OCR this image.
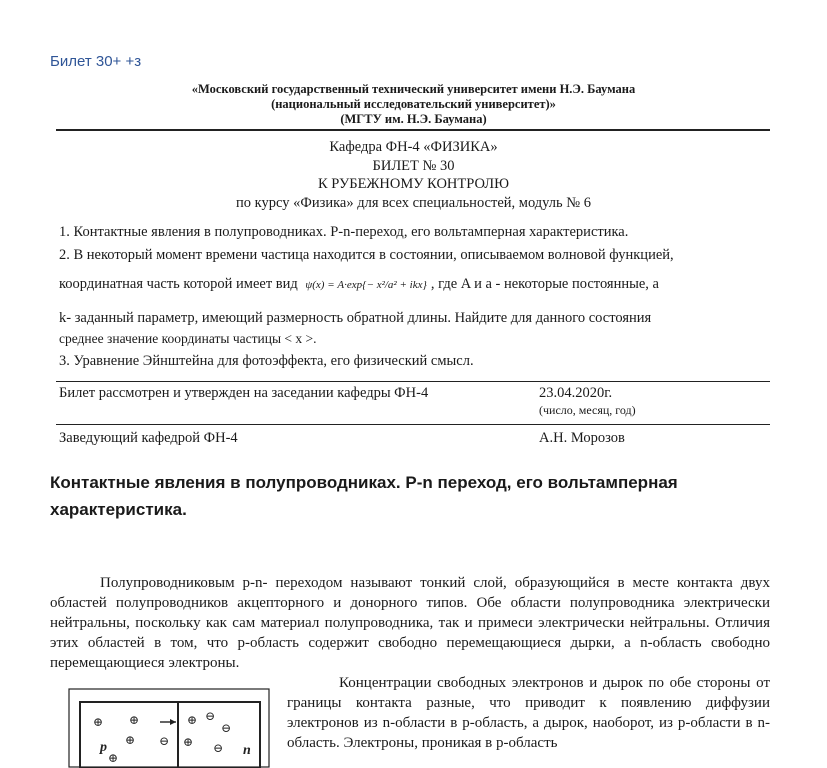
Билет 30+ +з
«Московский государственный технический университет имени Н.Э. Баумана
(национальный исследовательский университет)»
(МГТУ им. Н.Э. Баумана)
Кафедра ФН-4 «ФИЗИКА»
БИЛЕТ № 30
К РУБЕЖНОМУ КОНТРОЛЮ
по курсу «Физика» для всех специальностей, модуль № 6
1. Контактные явления в полупроводниках. P-n-переход, его вольтамперная характеристика.
2. В некоторый момент времени частица находится в состоянии, описываемом волновой функцией,
координатная часть которой имеет вид ψ(x) = A·exp{− x²/a² + ikx} , где A и a - некоторые постоянные, а
k- заданный параметр, имеющий размерность обратной длины. Найдите для данного состояния
среднее значение координаты частицы < x >.
3. Уравнение Эйнштейна для фотоэффекта, его физический смысл.
Билет рассмотрен и утвержден на заседании кафедры ФН-4	23.04.2020г.
(число, месяц, год)
Заведующий кафедрой ФН-4	А.Н. Морозов
Контактные явления в полупроводниках. P-n переход, его вольтамперная характеристика.
Полупроводниковым p-n- переходом называют тонкий слой, образующийся в месте контакта двух областей полупроводников акцепторного и донорного типов. Обе области полупроводника электрически нейтральны, поскольку как сам материал полупроводника, так и примеси электрически нейтральны. Отличия этих областей в том, что p-область содержит свободно перемещающиеся дырки, а n-область свободно перемещающиеся электроны.
Концентрации свободных электронов и дырок по обе стороны от границы контакта разные, что приводит к появлению диффузии электронов из n-области в p-область, а дырок, наоборот, из p-области в n-область. Электроны, проникая в p-область
⊕ ⊕
⊕
⊕
⊖
⊕
⊕
⊖
⊖
⊖
p	n
